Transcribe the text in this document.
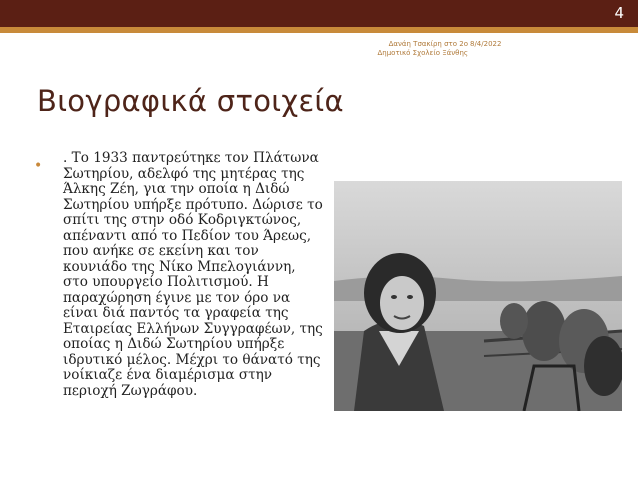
4
Δανάη Τσακίρη στο 2ο Δημοτικό Σχολείο Ξάνθης
8/4/2022
Βιογραφικά στοιχεία
• . Το 1933 παντρεύτηκε τον Πλάτωνα Σωτηρίου, αδελφό της μητέρας της Άλκης Ζέη, για την οποία η Διδώ Σωτηρίου υπήρξε πρότυπο. Δώρισε το σπίτι της στην οδό Κοδριγκτώνος, απέναντι από το Πεδίον του Άρεως, που ανήκε σε εκείνη και τον κουνιάδο της Νίκο Μπελογιάννη, στο υπουργείο Πολιτισμού. Η παραχώρηση έγινε με τον όρο να είναι διά παντός τα γραφεία της Εταιρείας Ελλήνων Συγγραφέων, της οποίας η Διδώ Σωτηρίου υπήρξε ιδρυτικό μέλος. Μέχρι το θάνατό της νοίκιαζε ένα διαμέρισμα στην περιοχή Ζωγράφου.
